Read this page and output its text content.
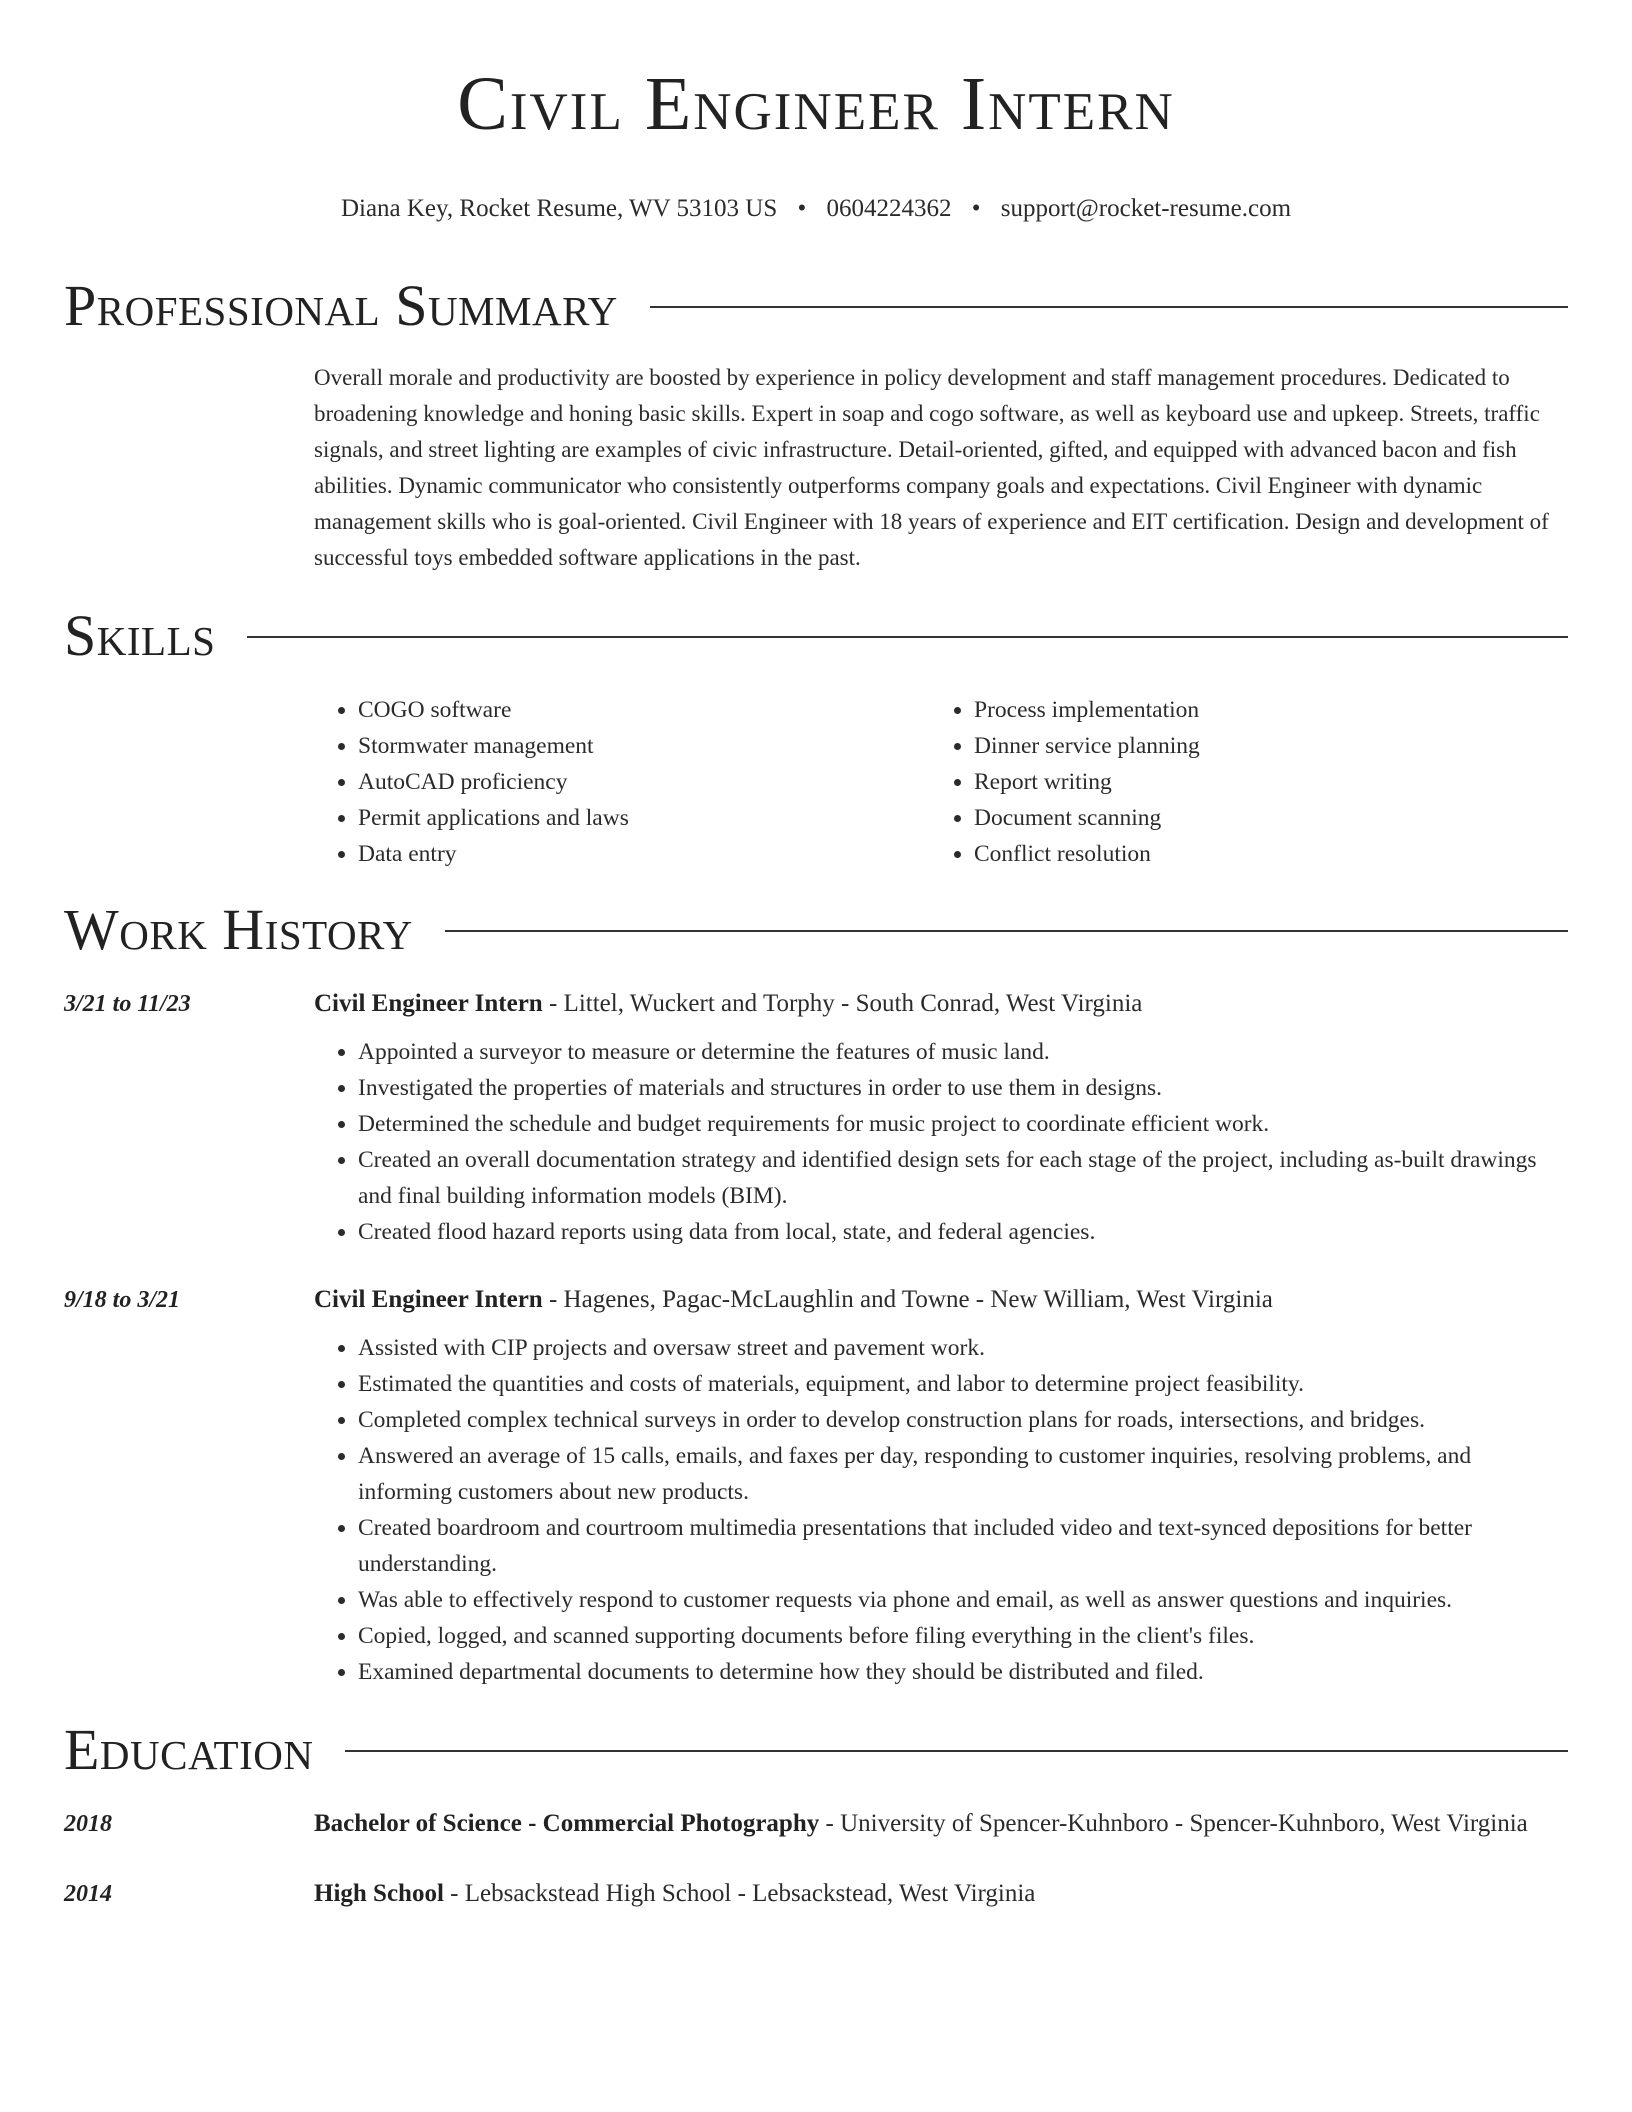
Civil Engineer Intern
Diana Key, Rocket Resume, WV 53103 US • 0604224362 • support@rocket-resume.com
Professional Summary

Overall morale and productivity are boosted by experience in policy development and staff management procedures. Dedicated to broadening knowledge and honing basic skills. Expert in soap and cogo software, as well as keyboard use and upkeep. Streets, traffic signals, and street lighting are examples of civic infrastructure. Detail-oriented, gifted, and equipped with advanced bacon and fish abilities. Dynamic communicator who consistently outperforms company goals and expectations. Civil Engineer with dynamic management skills who is goal-oriented. Civil Engineer with 18 years of experience and EIT certification. Design and development of successful toys embedded software applications in the past.

Skills
• COGO software
• Stormwater management
• AutoCAD proficiency
• Permit applications and laws
• Data entry
• Process implementation
• Dinner service planning
• Report writing
• Document scanning
• Conflict resolution
Work History
3/21 to 11/23	Civil Engineer Intern - Littel, Wuckert and Torphy - South Conrad, West Virginia
• Appointed a surveyor to measure or determine the features of music land.
• Investigated the properties of materials and structures in order to use them in designs.
• Determined the schedule and budget requirements for music project to coordinate efficient work.
• Created an overall documentation strategy and identified design sets for each stage of the project, including as-built drawings and final building information models (BIM).
• Created flood hazard reports using data from local, state, and federal agencies.
9/18 to 3/21	Civil Engineer Intern - Hagenes, Pagac-McLaughlin and Towne - New William, West Virginia
• Assisted with CIP projects and oversaw street and pavement work.
• Estimated the quantities and costs of materials, equipment, and labor to determine project feasibility.
• Completed complex technical surveys in order to develop construction plans for roads, intersections, and bridges.
• Answered an average of 15 calls, emails, and faxes per day, responding to customer inquiries, resolving problems, and informing customers about new products.
• Created boardroom and courtroom multimedia presentations that included video and text-synced depositions for better understanding.
• Was able to effectively respond to customer requests via phone and email, as well as answer questions and inquiries.
• Copied, logged, and scanned supporting documents before filing everything in the client's files.
• Examined departmental documents to determine how they should be distributed and filed.
Education
2018	Bachelor of Science - Commercial Photography - University of Spencer-Kuhnboro - Spencer-Kuhnboro, West Virginia
2014	High School - Lebsackstead High School - Lebsackstead, West Virginia
